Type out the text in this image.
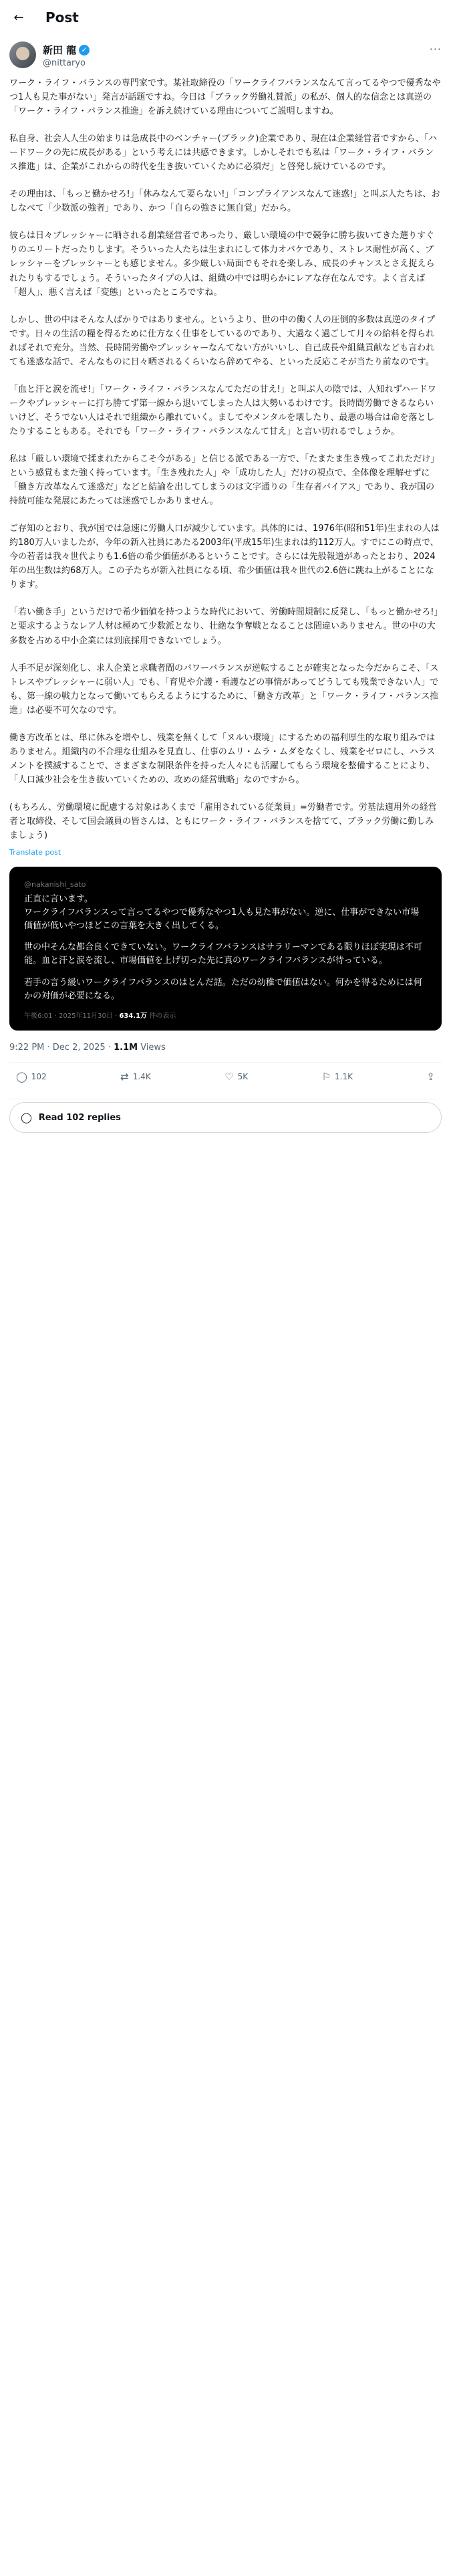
←	Post
新田 龍 ✓
@nittaryo
···

ワーク・ライフ・バランスの専門家です。某社取締役の「ワークライフバランスなんて言ってるやつで優秀なやつ1人も見た事がない」発言が話題ですね。今日は「ブラック労働礼賛派」の私が、個人的な信念とは真逆の「ワーク・ライフ・バランス推進」を訴え続けている理由についてご説明しますね。

私自身、社会人人生の始まりは急成長中のベンチャー(ブラック)企業であり、現在は企業経営者ですから、「ハードワークの先に成長がある」という考えには共感できます。しかしそれでも私は「ワーク・ライフ・バランス推進」は、企業がこれからの時代を生き抜いていくために必須だ」と啓発し続けているのです。

その理由は、「もっと働かせろ!」「休みなんて要らない!」「コンプライアンスなんて迷惑!」と叫ぶ人たちは、おしなべて「少数派の強者」であり、かつ「自らの強さに無自覚」だから。

彼らは日々プレッシャーに晒される創業経営者であったり、厳しい環境の中で競争に勝ち抜いてきた選りすぐりのエリートだったりします。そういった人たちは生まれにして体力オバケであり、ストレス耐性が高く、プレッシャーをプレッシャーとも感じません。多少厳しい局面でもそれを楽しみ、成長のチャンスとさえ捉えられたりもするでしょう。そういったタイプの人は、組織の中では明らかにレアな存在なんです。よく言えば「超人」、悪く言えば「変態」といったところですね。

しかし、世の中はそんな人ばかりではありません。というより、世の中の働く人の圧倒的多数は真逆のタイプです。日々の生活の糧を得るために仕方なく仕事をしているのであり、大過なく過ごして月々の給料を得られればそれで充分。当然、長時間労働やプレッシャーなんてない方がいいし、自己成長や組織貢献なども言われても迷惑な話で、そんなものに日々晒されるくらいなら辞めてやる、といった反応こそが当たり前なのです。

「血と汗と涙を流せ!」「ワーク・ライフ・バランスなんてただの甘え!」と叫ぶ人の陰では、人知れずハードワークやプレッシャーに打ち勝てず第一線から退いてしまった人は大勢いるわけです。長時間労働できるならいいけど、そうでない人はそれで組織から離れていく。ましてやメンタルを壊したり、最悪の場合は命を落としたりすることもある。それでも「ワーク・ライフ・バランスなんて甘え」と言い切れるでしょうか。

私は「厳しい環境で揉まれたからこそ今がある」と信じる派である一方で、「たまたま生き残ってこれただけ」という感覚もまた強く持っています。「生き残れた人」や「成功した人」だけの視点で、全体像を理解せずに「働き方改革なんて迷惑だ」などと結論を出してしまうのは文字通りの「生存者バイアス」であり、我が国の持続可能な発展にあたっては迷惑でしかありません。

ご存知のとおり、我が国では急速に労働人口が減少しています。具体的には、1976年(昭和51年)生まれの人は約180万人いましたが、今年の新入社員にあたる2003年(平成15年)生まれは約112万人。すでにこの時点で、今の若者は我々世代よりも1.6倍の希少価値があるということです。さらには先般報道があったとおり、2024年の出生数は約68万人。この子たちが新入社員になる頃、希少価値は我々世代の2.6倍に跳ね上がることになります。

「若い働き手」というだけで希少価値を持つような時代において、労働時間規制に反発し、「もっと働かせろ!」と要求するようなレア人材は極めて少数派となり、壮絶な争奪戦となることは間違いありません。世の中の大多数を占める中小企業には到底採用できないでしょう。

人手不足が深刻化し、求人企業と求職者間のパワーバランスが逆転することが確実となった今だからこそ、「ストレスやプレッシャーに弱い人」でも、「育児や介護・看護などの事情があってどうしても残業できない人」でも、第一線の戦力となって働いてもらえるようにするために、「働き方改革」と「ワーク・ライフ・バランス推進」は必要不可欠なのです。

働き方改革とは、単に休みを増やし、残業を無くして「ヌルい環境」にするための福利厚生的な取り組みではありません。組織内の不合理な仕組みを見直し、仕事のムリ・ムラ・ムダをなくし、残業をゼロにし、ハラスメントを撲滅することで、さまざまな制限条件を持った人々にも活躍してもらう環境を整備することにより、「人口減少社会を生き抜いていくための、攻めの経営戦略」なのですから。

(もちろん、労働環境に配慮する対象はあくまで「雇用されている従業員」=労働者です。労基法適用外の経営者と取締役、そして国会議員の皆さんは、ともにワーク・ライフ・バランスを捨てて、ブラック労働に勤しみましょう)

Translate post
@nakanishi_sato

正直に言います。
ワークライフバランスって言ってるやつで優秀なやつ1人も見た事がない。逆に、仕事ができない市場価値が低いやつほどこの言葉を大きく出してくる。

世の中そんな都合良くできていない。ワークライフバランスはサラリーマンである限りほぼ実現は不可能。血と汗と涙を流し、市場価値を上げ切った先に真のワークライフバランスが待っている。

若手の言う緩いワークライフバランスのはとんだ話。ただの幼稚で価値はない。何かを得るためには何かの対価が必要になる。

午後6:01 · 2025年11月30日 · 634.1万 件の表示
9:22 PM · Dec 2, 2025 · 1.1M Views
◯ 102	⇄ 1.4K	♡ 5K	⚐ 1.1K	⇪
◯ Read 102 replies
